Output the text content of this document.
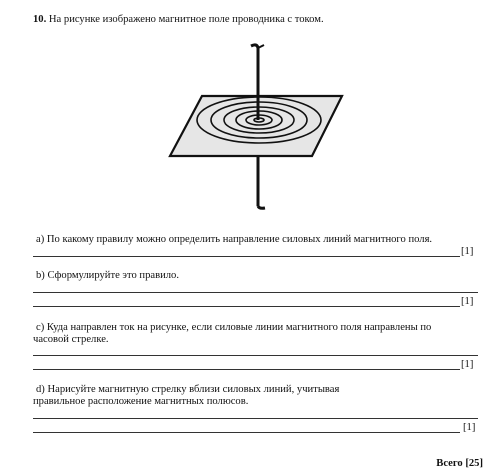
10. На рисунке изображено магнитное поле проводника с током.
а) По какому правилу можно определить направление силовых линий магнитного поля.
[1]
b) Сформулируйте это правило.
[1]
c) Куда направлен ток на рисунке, если силовые линии магнитного поля направлены по
часовой стрелке.
[1]
d) Нарисуйте магнитную стрелку вблизи силовых линий, учитывая
правильное расположение магнитных полюсов.
[1]
Всего [25]
